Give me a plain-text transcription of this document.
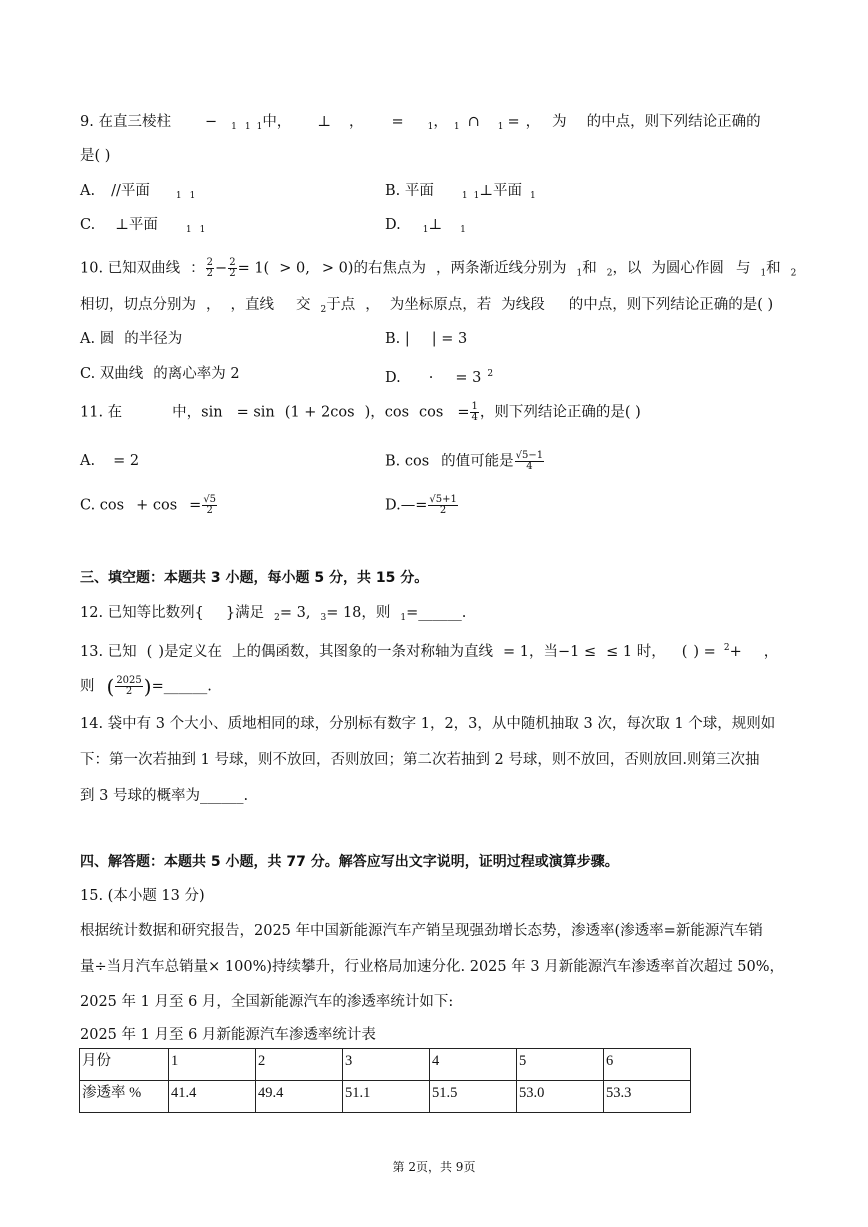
9. 在直三棱柱 − $_1$ $_1$ $_1$中， ⊥ ， =	$_1$， $_1$ ∩ $_1$ = ， 为 的中点，则下列结论正确的
是( )
A. //平面	$_1$ $_1$	B. 平面	$_1$ $_1$⊥平面 $_1$
C. ⊥平面	$_1$ $_1$	D. $_1$⊥ $_1$
10. 已知双曲线 ： $\frac{2}{2} - \frac{2}{2} = 1( > 0$, > 0)的右焦点为 ，两条渐近线分别为 $_1$和 $_2$，以 为圆心作圆 与 $_1$和 $_2$
相切，切点分别为 ， ，直线 交 $_2$于点 ， 为坐标原点，若 为线段 的中点，则下列结论正确的是( )
A. 圆 的半径为	B. | | = 3
C. 双曲线 的离心率为 2	D. · = 3 $^2$
11. 在	中，sin = sin (1 + 2cos )，$\cos \cos = \frac{1}{4}$ ，则下列结论正确的是( )
A. = 2	B. cos 的值可能是 $\frac{√5-1}{4}$
C. $\cos + \cos = \frac{√5}{2}$	D.—= $\frac{√5+1}{2}$
三、填空题：本题共 3 小题，每小题 5 分，共 15 分。
12. 已知等比数列{ }满足 $_2$= 3, $_3$= 18，则 $_1$=______.
13. 已知 ( )是定义在 上的偶函数，其图象的一条对称轴为直线 = 1，当−1 ≤ ≤ 1 时， ( ) = $^2$+ ，
则 ( $\frac{2025}{2}$ )=______.
14. 袋中有 3 个大小、质地相同的球，分别标有数字 1，2，3，从中随机抽取 3 次，每次取 1 个球，规则如
下：第一次若抽到 1 号球，则不放回，否则放回；第二次若抽到 2 号球，则不放回，否则放回.则第三次抽
到 3 号球的概率为______.
四、解答题：本题共 5 小题，共 77 分。解答应写出文字说明，证明过程或演算步骤。
15. (本小题 13 分)
根据统计数据和研究报告，2025 年中国新能源汽车产销呈现强劲增长态势，渗透率(渗透率=新能源汽车销
量÷当月汽车总销量× 100%)持续攀升，行业格局加速分化. 2025 年 3 月新能源汽车渗透率首次超过 50%，
2025 年 1 月至 6 月，全国新能源汽车的渗透率统计如下:
2025 年 1 月至 6 月新能源汽车渗透率统计表
月份	1	2	3	4	5	6
渗透率 %	41.4	49.4	51.1	51.5	53.0	53.3
第 2页，共 9页
